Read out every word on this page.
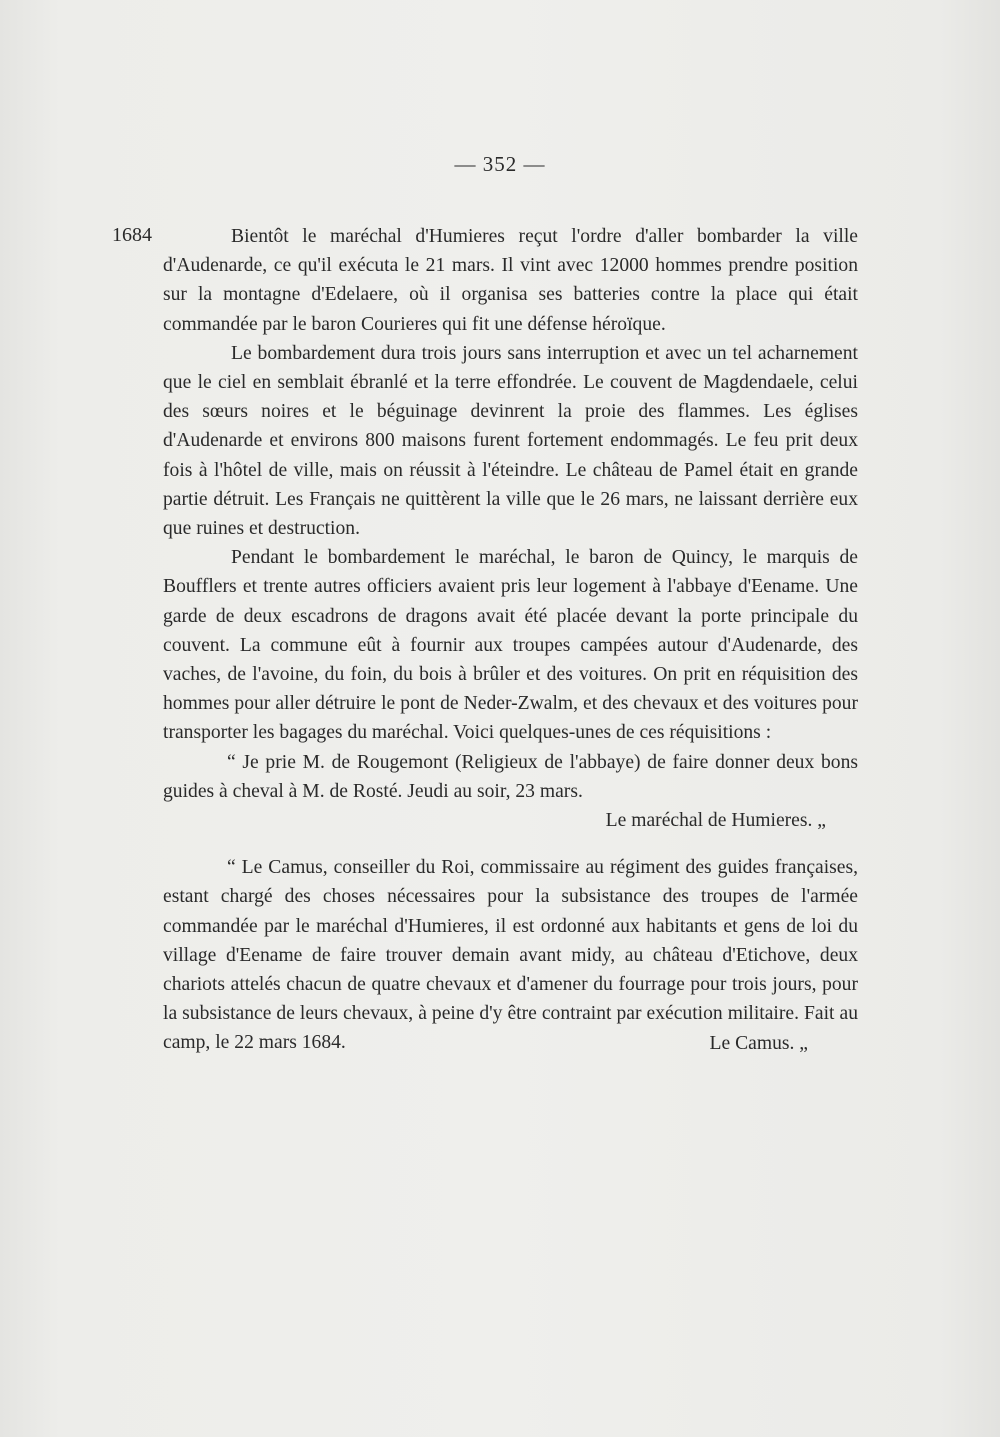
— 352 —
1684	Bientôt le maréchal d'Humieres reçut l'ordre d'aller bombarder la ville d'Audenarde, ce qu'il exécuta le 21 mars. Il vint avec 12000 hommes prendre position sur la montagne d'Edelaere, où il organisa ses batteries contre la place qui était commandée par le baron Courieres qui fit une défense héroïque.

Le bombardement dura trois jours sans interruption et avec un tel acharnement que le ciel en semblait ébranlé et la terre effondrée. Le couvent de Magdendaele, celui des sœurs noires et le béguinage devinrent la proie des flammes. Les églises d'Audenarde et environs 800 maisons furent fortement endommagés. Le feu prit deux fois à l'hôtel de ville, mais on réussit à l'éteindre. Le château de Pamel était en grande partie détruit. Les Français ne quittèrent la ville que le 26 mars, ne laissant derrière eux que ruines et destruction.

Pendant le bombardement le maréchal, le baron de Quincy, le marquis de Boufflers et trente autres officiers avaient pris leur logement à l'abbaye d'Eename. Une garde de deux escadrons de dragons avait été placée devant la porte principale du couvent. La commune eût à fournir aux troupes campées autour d'Audenarde, des vaches, de l'avoine, du foin, du bois à brûler et des voitures. On prit en réquisition des hommes pour aller détruire le pont de Neder-Zwalm, et des chevaux et des voitures pour transporter les bagages du maréchal. Voici quelques-unes de ces réquisitions :

“ Je prie M. de Rougemont (Religieux de l'abbaye) de faire donner deux bons guides à cheval à M. de Rosté. Jeudi au soir, 23 mars.

Le maréchal de Humieres. „

“ Le Camus, conseiller du Roi, commissaire au régiment des guides françaises, estant chargé des choses nécessaires pour la subsistance des troupes de l'armée commandée par le maréchal d'Humieres, il est ordonné aux habitants et gens de loi du village d'Eename de faire trouver demain avant midy, au château d'Etichove, deux chariots attelés chacun de quatre chevaux et d'amener du fourrage pour trois jours, pour la subsistance de leurs chevaux, à peine d'y être contraint par exécution militaire. Fait au camp, le 22 mars 1684.	Le Camus. „
